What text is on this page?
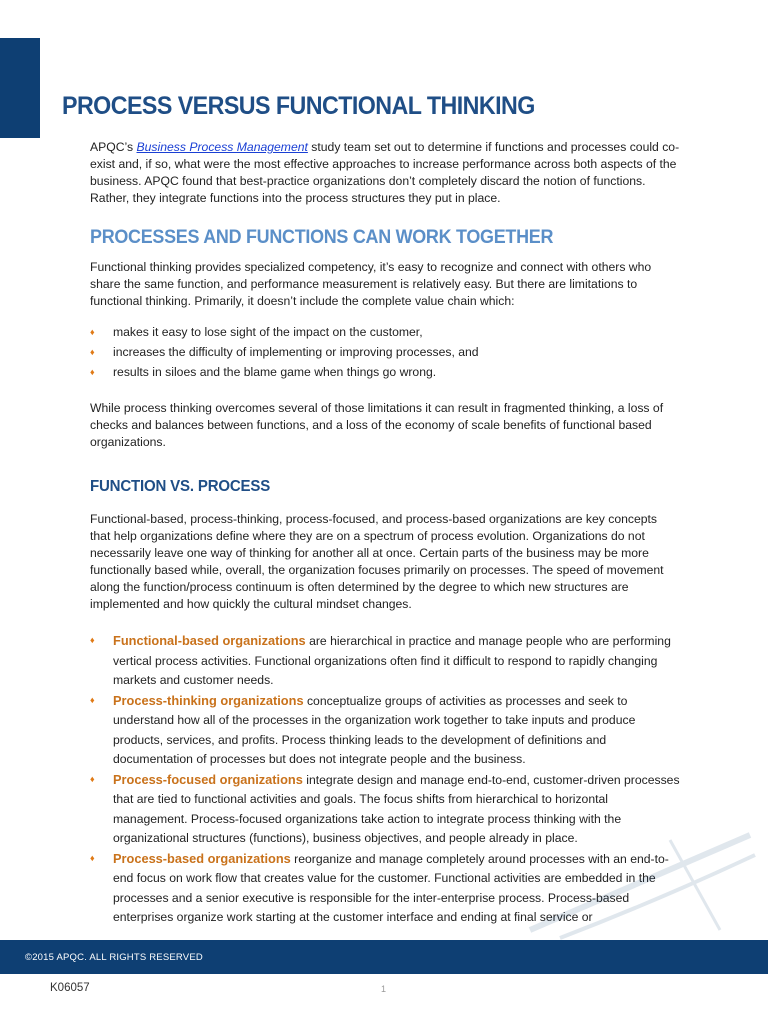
PROCESS VERSUS FUNCTIONAL THINKING

APQC’s Business Process Management study team set out to determine if functions and processes could co-exist and, if so, what were the most effective approaches to increase performance across both aspects of the business. APQC found that best-practice organizations don’t completely discard the notion of functions. Rather, they integrate functions into the process structures they put in place.

PROCESSES AND FUNCTIONS CAN WORK TOGETHER

Functional thinking provides specialized competency, it’s easy to recognize and connect with others who share the same function, and performance measurement is relatively easy. But there are limitations to functional thinking. Primarily, it doesn’t include the complete value chain which:

♦ makes it easy to lose sight of the impact on the customer,
♦ increases the difficulty of implementing or improving processes, and
♦ results in siloes and the blame game when things go wrong.

While process thinking overcomes several of those limitations it can result in fragmented thinking, a loss of checks and balances between functions, and a loss of the economy of scale benefits of functional based organizations.

FUNCTION VS. PROCESS

Functional-based, process-thinking, process-focused, and process-based organizations are key concepts that help organizations define where they are on a spectrum of process evolution. Organizations do not necessarily leave one way of thinking for another all at once. Certain parts of the business may be more functionally based while, overall, the organization focuses primarily on processes. The speed of movement along the function/process continuum is often determined by the degree to which new structures are implemented and how quickly the cultural mindset changes.

♦ Functional-based organizations are hierarchical in practice and manage people who are performing vertical process activities. Functional organizations often find it difficult to respond to rapidly changing markets and customer needs.
♦ Process-thinking organizations conceptualize groups of activities as processes and seek to understand how all of the processes in the organization work together to take inputs and produce products, services, and profits. Process thinking leads to the development of definitions and documentation of processes but does not integrate people and the business.
♦ Process-focused organizations integrate design and manage end-to-end, customer-driven processes that are tied to functional activities and goals. The focus shifts from hierarchical to horizontal management. Process-focused organizations take action to integrate process thinking with the organizational structures (functions), business objectives, and people already in place.
♦ Process-based organizations reorganize and manage completely around processes with an end-to-end focus on work flow that creates value for the customer. Functional activities are embedded in the processes and a senior executive is responsible for the inter-enterprise process. Process-based enterprises organize work starting at the customer interface and ending at final service or
©2015 APQC. ALL RIGHTS RESERVED
K06057	1
